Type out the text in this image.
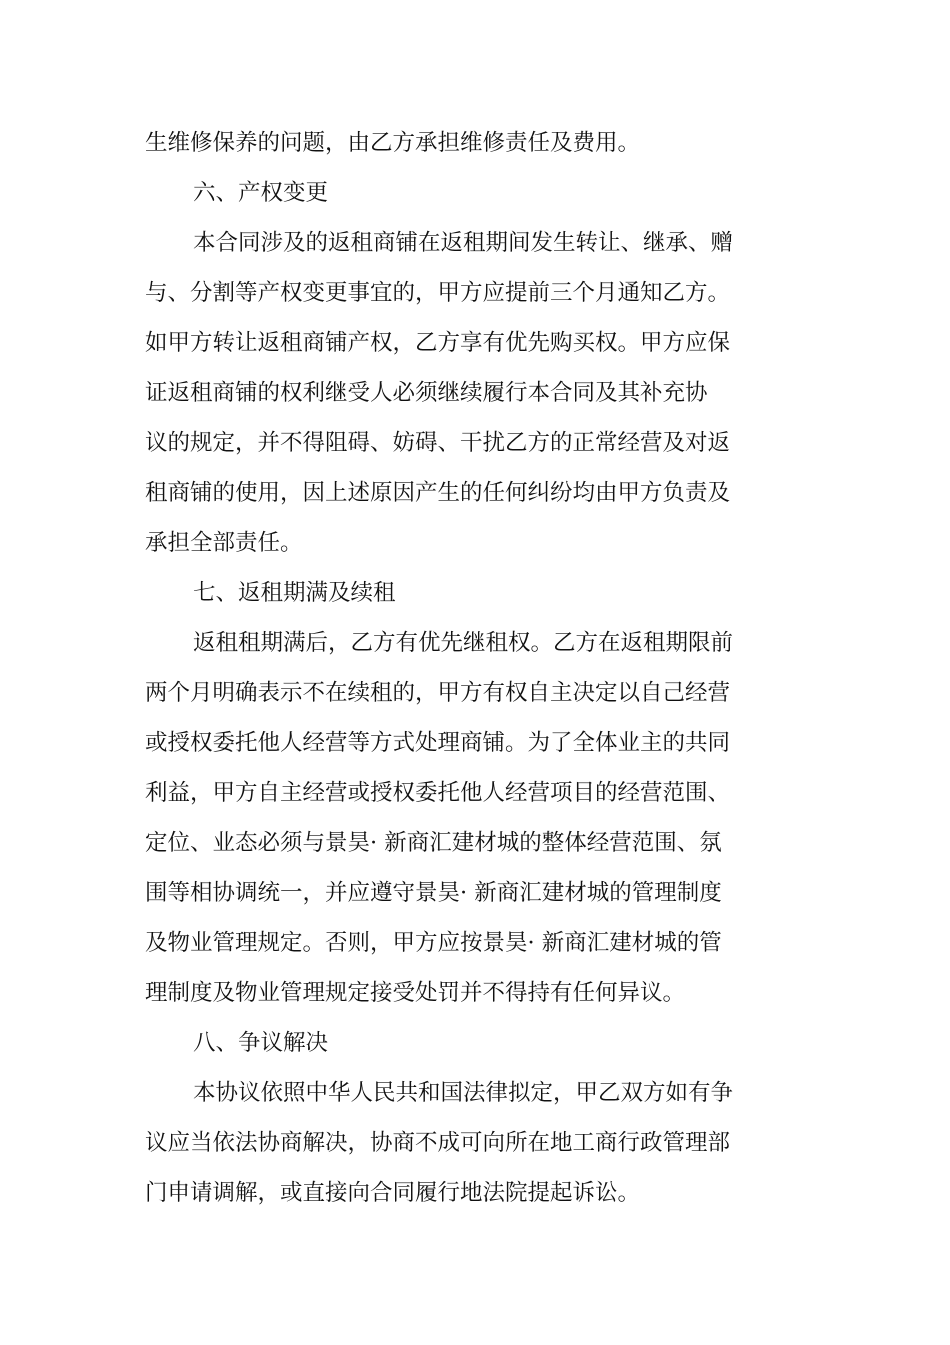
生维修保养的问题，由乙方承担维修责任及费用。
六、产权变更
本合同涉及的返租商铺在返租期间发生转让、继承、赠
与、分割等产权变更事宜的，甲方应提前三个月通知乙方。
如甲方转让返租商铺产权，乙方享有优先购买权。甲方应保
证返租商铺的权利继受人必须继续履行本合同及其补充协
议的规定，并不得阻碍、妨碍、干扰乙方的正常经营及对返
租商铺的使用，因上述原因产生的任何纠纷均由甲方负责及
承担全部责任。
七、返租期满及续租
返租租期满后，乙方有优先继租权。乙方在返租期限前
两个月明确表示不在续租的，甲方有权自主决定以自己经营
或授权委托他人经营等方式处理商铺。为了全体业主的共同
利益，甲方自主经营或授权委托他人经营项目的经营范围、
定位、业态必须与景昊· 新商汇建材城的整体经营范围、氛
围等相协调统一，并应遵守景昊· 新商汇建材城的管理制度
及物业管理规定。否则，甲方应按景昊· 新商汇建材城的管
理制度及物业管理规定接受处罚并不得持有任何异议。
八、争议解决
本协议依照中华人民共和国法律拟定，甲乙双方如有争
议应当依法协商解决，协商不成可向所在地工商行政管理部
门申请调解，或直接向合同履行地法院提起诉讼。
